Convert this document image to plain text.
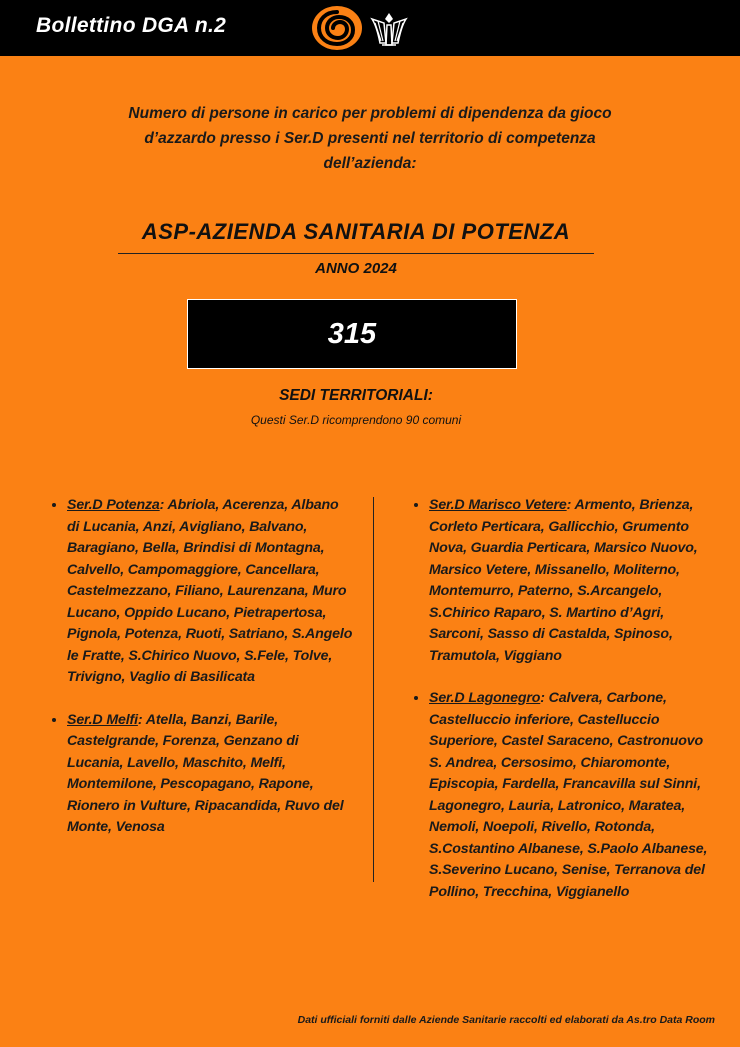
Bollettino DGA n.2
Numero di persone in carico per problemi di dipendenza da gioco d’azzardo presso i Ser.D presenti nel territorio di competenza dell’azienda:
ASP-AZIENDA SANITARIA DI POTENZA
ANNO 2024
315
SEDI TERRITORIALI:
Questi Ser.D ricomprendono 90 comuni
• Ser.D Potenza: Abriola, Acerenza, Albano di Lucania, Anzi, Avigliano, Balvano, Baragiano, Bella, Brindisi di Montagna, Calvello, Campomaggiore, Cancellara, Castelmezzano, Filiano, Laurenzana, Muro Lucano, Oppido Lucano, Pietrapertosa, Pignola, Potenza, Ruoti, Satriano, S.Angelo le Fratte, S.Chirico Nuovo, S.Fele, Tolve, Trivigno, Vaglio di Basilicata
• Ser.D Melfi: Atella, Banzi, Barile, Castelgrande, Forenza, Genzano di Lucania, Lavello, Maschito, Melfi, Montemilone, Pescopagano, Rapone, Rionero in Vulture, Ripacandida, Ruvo del Monte, Venosa
• Ser.D Marisco Vetere: Armento, Brienza, Corleto Perticara, Gallicchio, Grumento Nova, Guardia Perticara, Marsico Nuovo, Marsico Vetere, Missanello, Moliterno, Montemurro, Paterno, S.Arcangelo, S.Chirico Raparo, S. Martino d’Agri, Sarconi, Sasso di Castalda, Spinoso, Tramutola, Viggiano
• Ser.D Lagonegro: Calvera, Carbone, Castelluccio inferiore, Castelluccio Superiore, Castel Saraceno, Castronuovo S. Andrea, Cersosimo, Chiaromonte, Episcopia, Fardella, Francavilla sul Sinni, Lagonegro, Lauria, Latronico, Maratea, Nemoli, Noepoli, Rivello, Rotonda, S.Costantino Albanese, S.Paolo Albanese, S.Severino Lucano, Senise, Terranova del Pollino, Trecchina, Viggianello
Dati ufficiali forniti dalle Aziende Sanitarie raccolti ed elaborati da As.tro Data Room
